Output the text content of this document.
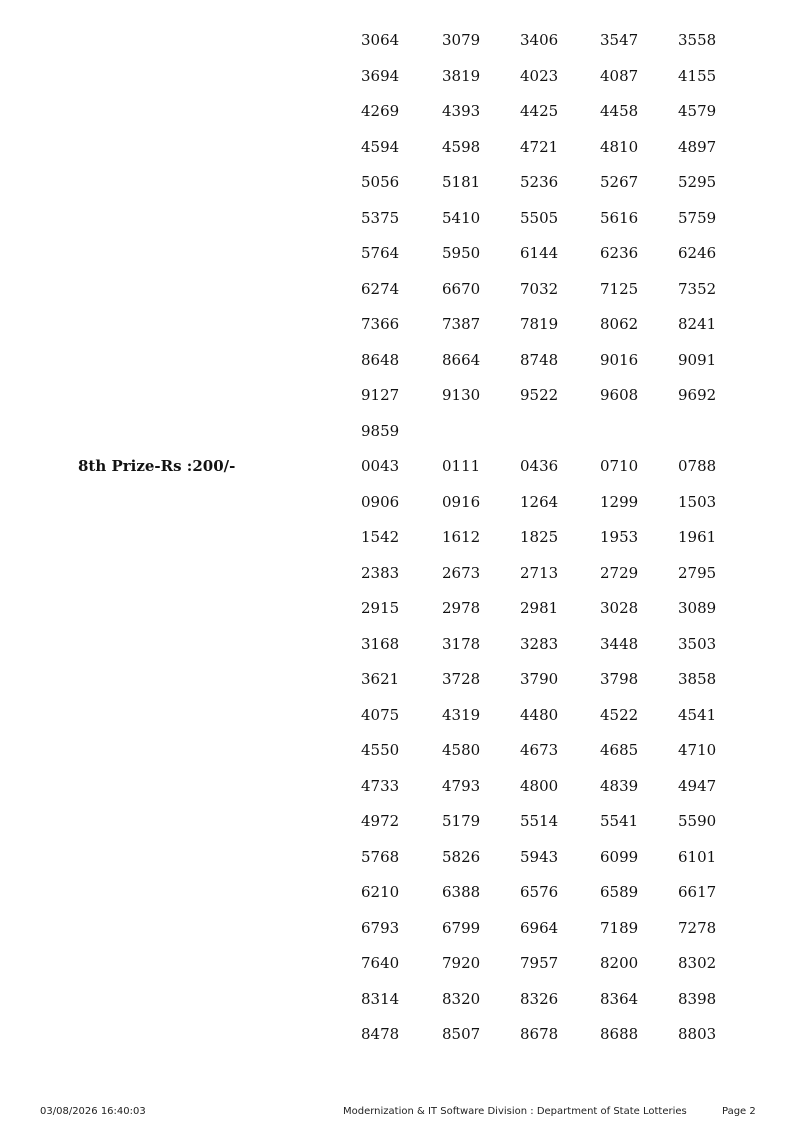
3064	3079	3406	3547	3558
3694	3819	4023	4087	4155
4269	4393	4425	4458	4579
4594	4598	4721	4810	4897
5056	5181	5236	5267	5295
5375	5410	5505	5616	5759
5764	5950	6144	6236	6246
6274	6670	7032	7125	7352
7366	7387	7819	8062	8241
8648	8664	8748	9016	9091
9127	9130	9522	9608	9692
9859
8th Prize-Rs :200/-	0043	0111	0436	0710	0788
0906	0916	1264	1299	1503
1542	1612	1825	1953	1961
2383	2673	2713	2729	2795
2915	2978	2981	3028	3089
3168	3178	3283	3448	3503
3621	3728	3790	3798	3858
4075	4319	4480	4522	4541
4550	4580	4673	4685	4710
4733	4793	4800	4839	4947
4972	5179	5514	5541	5590
5768	5826	5943	6099	6101
6210	6388	6576	6589	6617
6793	6799	6964	7189	7278
7640	7920	7957	8200	8302
8314	8320	8326	8364	8398
8478	8507	8678	8688	8803
03/08/2026 16:40:03	Modernization & IT Software Division : Department of State Lotteries	Page 2
